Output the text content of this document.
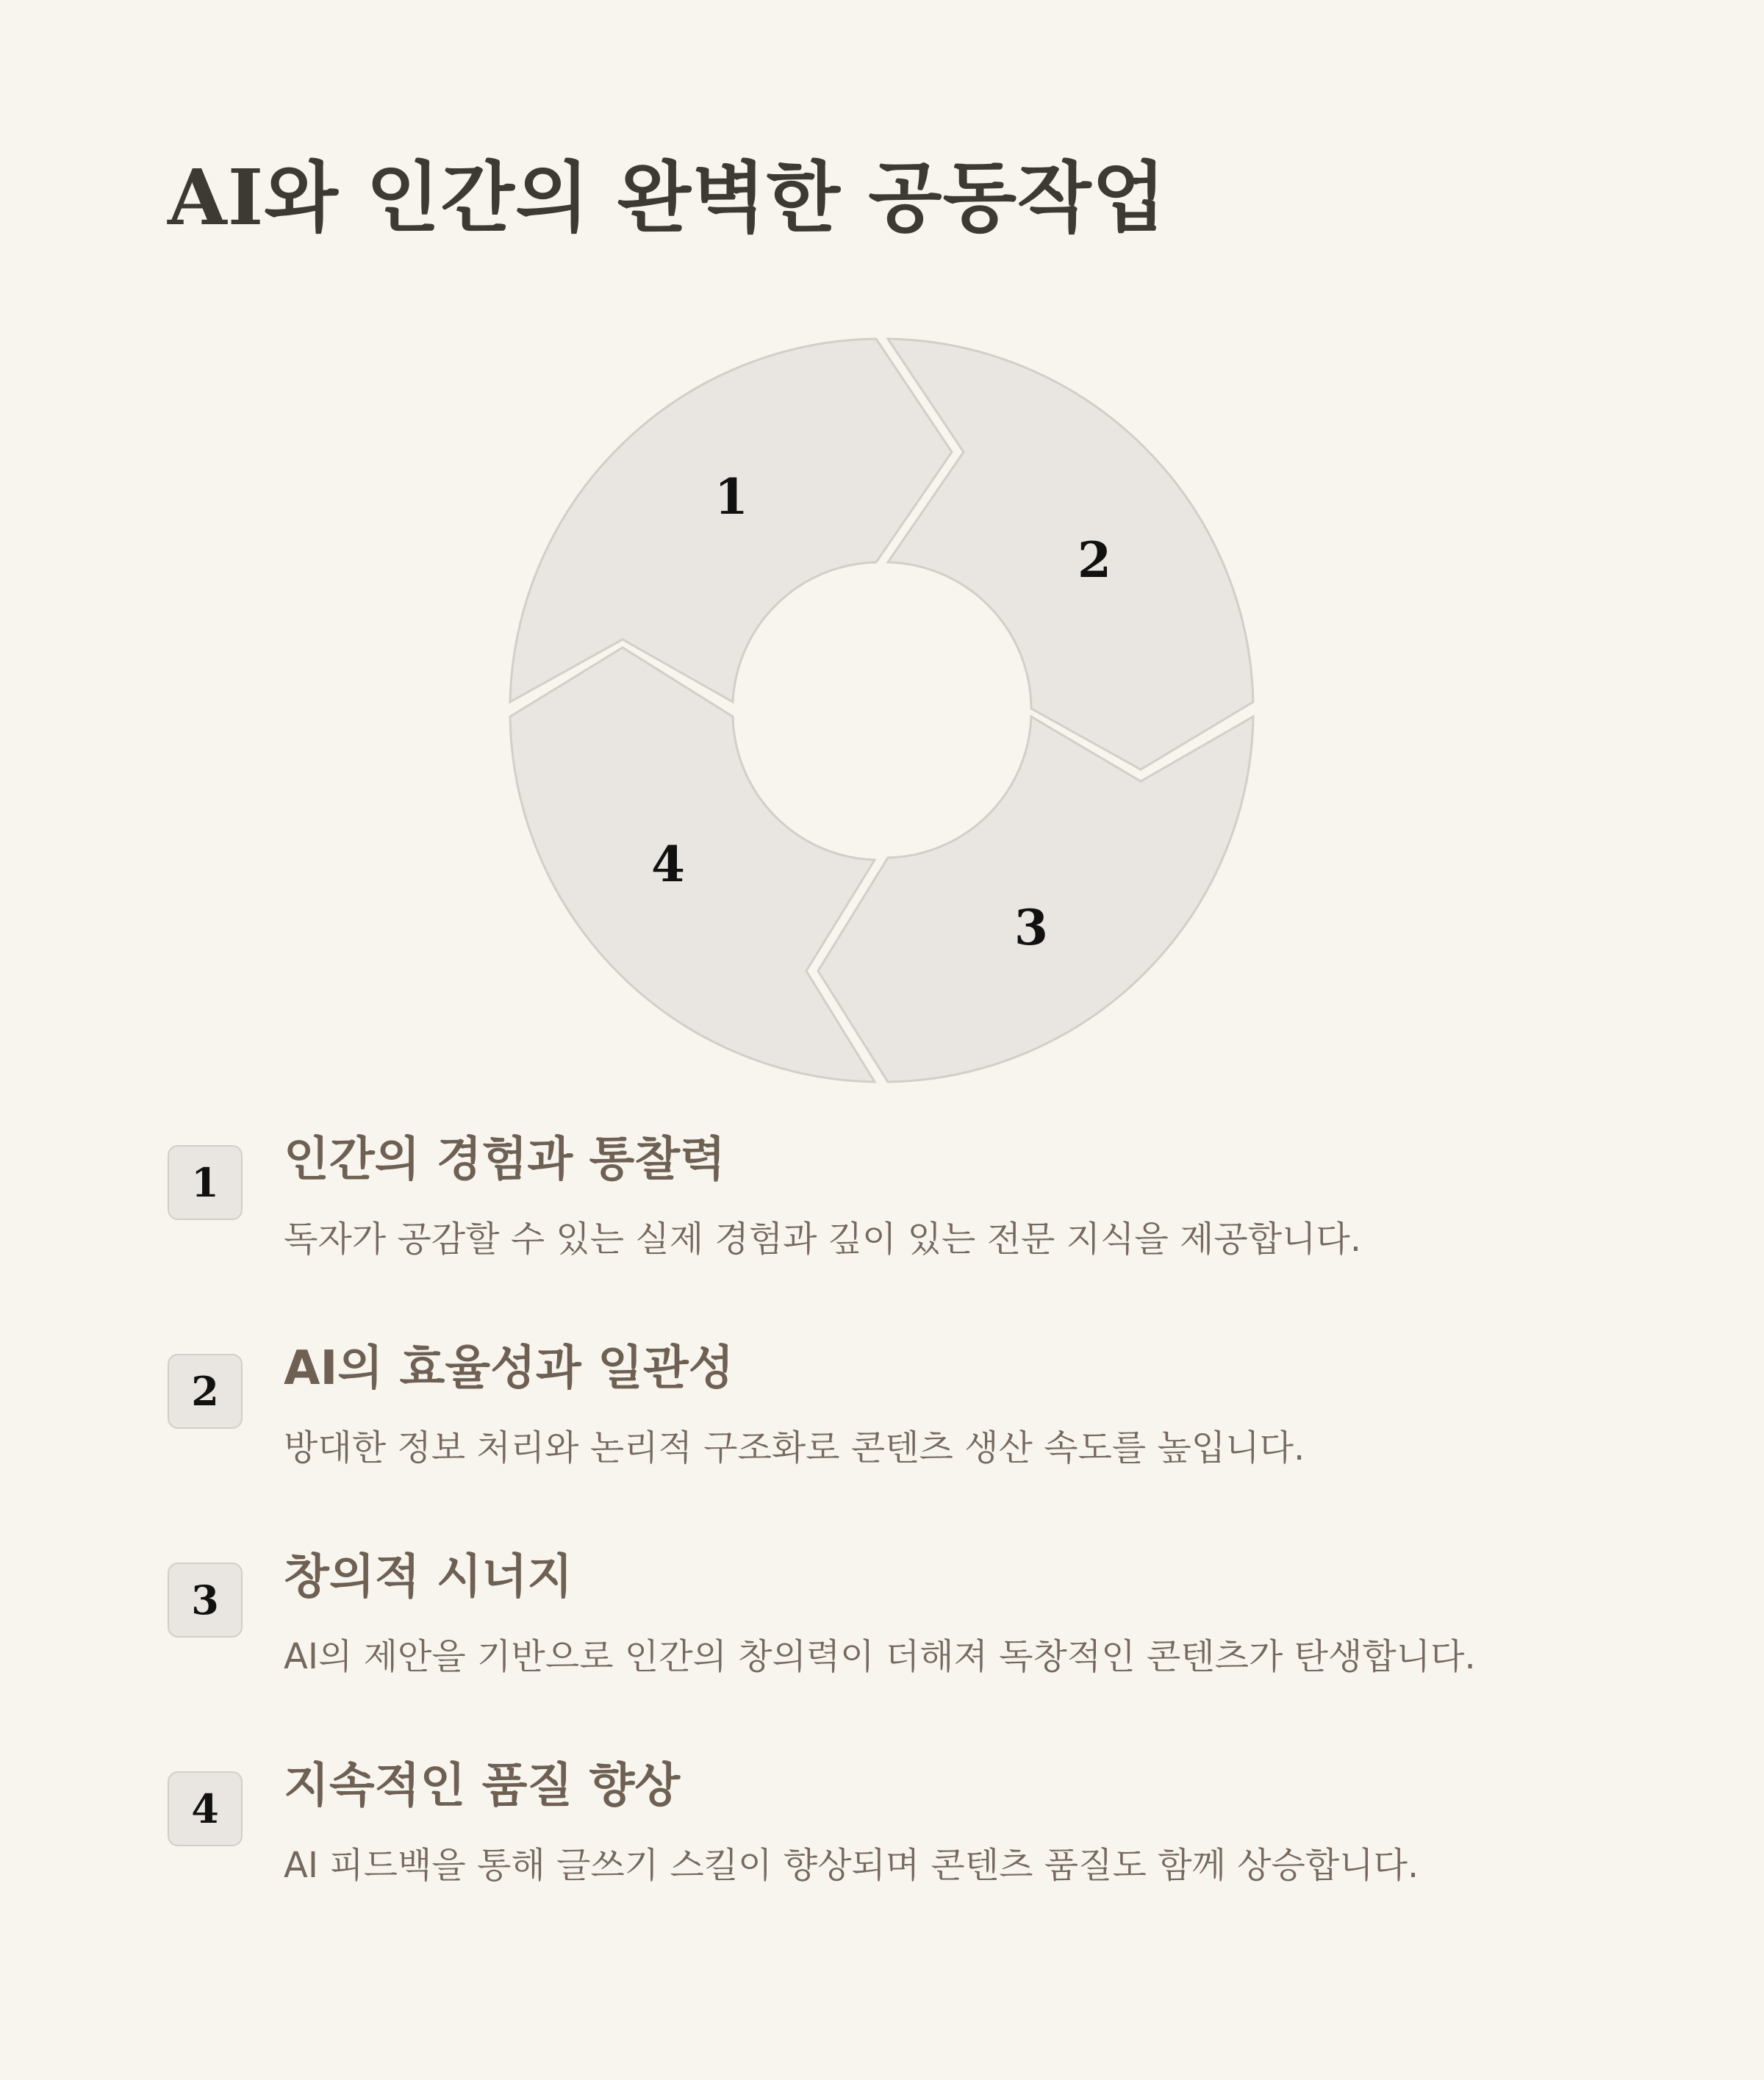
AI와 인간의 완벽한 공동작업
1
2
3
4
1	인간의 경험과 통찰력

독자가 공감할 수 있는 실제 경험과 깊이 있는 전문 지식을 제공합니다.

2	AI의 효율성과 일관성

방대한 정보 처리와 논리적 구조화로 콘텐츠 생산 속도를 높입니다.

3	창의적 시너지

AI의 제안을 기반으로 인간의 창의력이 더해져 독창적인 콘텐츠가 탄생합니다.

4	지속적인 품질 향상

AI 피드백을 통해 글쓰기 스킬이 향상되며 콘텐츠 품질도 함께 상승합니다.
